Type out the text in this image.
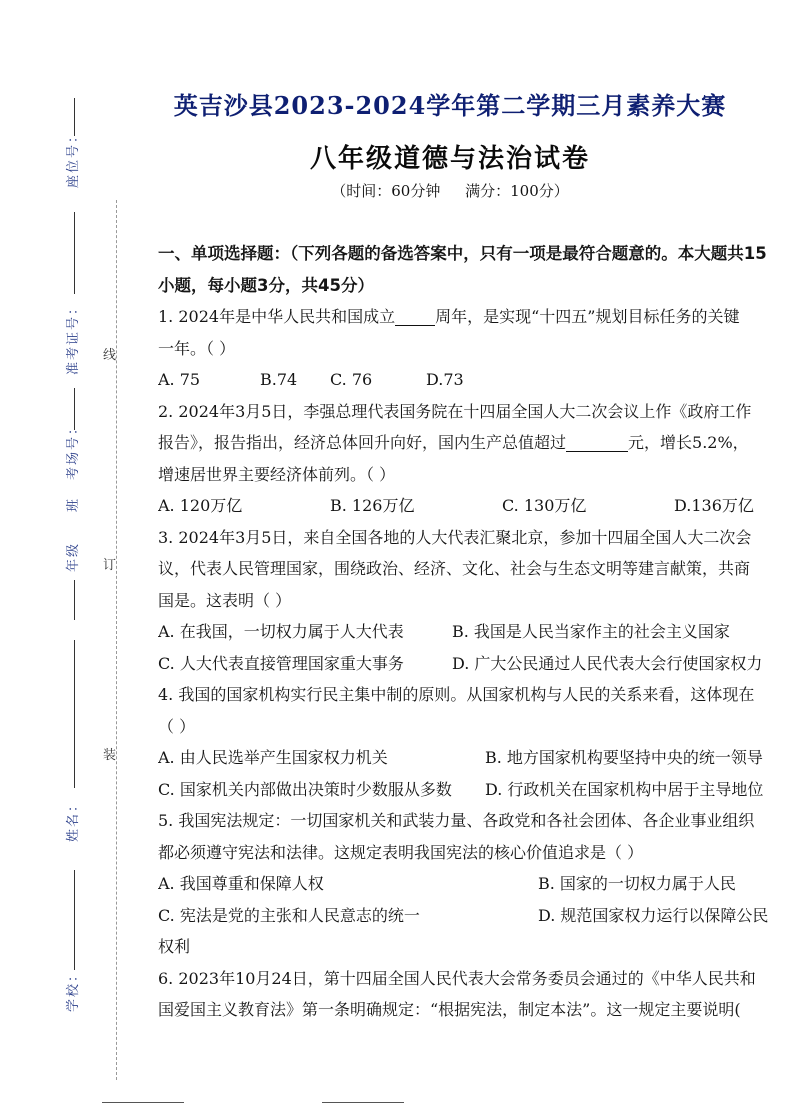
座位号：
准考证号：
考场号：
班
年级
姓名：
学校：
线
订
装
英吉沙县2023-2024学年第二学期三月素养大赛
八年级道德与法治试卷
（时间：60分钟 满分：100分）

一、单项选择题：（下列各题的备选答案中，只有一项是最符合题意的。本大题共15

小题，每小题3分，共45分）

1. 2024年是中华人民共和国成立	周年，是实现“十四五”规划目标任务的关键

一年。（ ）

A. 75	B.74	C. 76	D.73

2. 2024年3月5日，李强总理代表国务院在十四届全国人大二次会议上作《政府工作

报告》，报告指出，经济总体回升向好，国内生产总值超过	元，增长5.2%，

增速居世界主要经济体前列。（ ）

A. 120万亿	B. 126万亿	C. 130万亿	D.136万亿

3. 2024年3月5日，来自全国各地的人大代表汇聚北京，参加十四届全国人大二次会

议，代表人民管理国家，围绕政治、经济、文化、社会与生态文明等建言献策，共商

国是。这表明（ ）

A. 在我国，一切权力属于人大代表	B. 我国是人民当家作主的社会主义国家

C. 人大代表直接管理国家重大事务	D. 广大公民通过人民代表大会行使国家权力

4. 我国的国家机构实行民主集中制的原则。从国家机构与人民的关系来看，这体现在

（ ）

A. 由人民选举产生国家权力机关	B. 地方国家机构要坚持中央的统一领导

C. 国家机关内部做出决策时少数服从多数	D. 行政机关在国家机构中居于主导地位

5. 我国宪法规定：一切国家机关和武装力量、各政党和各社会团体、各企业事业组织

都必须遵守宪法和法律。这规定表明我国宪法的核心价值追求是（ ）

A. 我国尊重和保障人权	B. 国家的一切权力属于人民

C. 宪法是党的主张和人民意志的统一	D. 规范国家权力运行以保障公民

权利

6. 2023年10月24日，第十四届全国人民代表大会常务委员会通过的《中华人民共和

国爱国主义教育法》第一条明确规定：“根据宪法，制定本法”。这一规定主要说明(
